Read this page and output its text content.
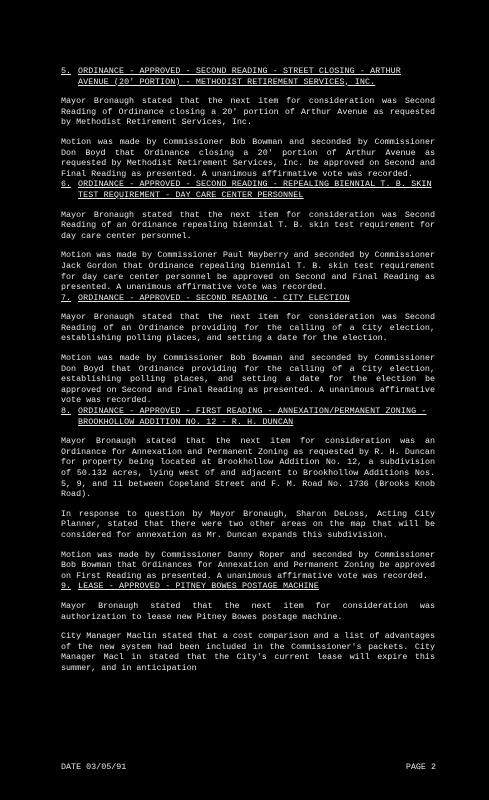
5. ORDINANCE - APPROVED - SECOND READING - STREET CLOSING - ARTHUR AVENUE (20' PORTION) - METHODIST RETIREMENT SERVICES, INC.
Mayor Bronaugh stated that the next item for consideration was Second Reading of Ordinance closing a 20' portion of Arthur Avenue as requested by Methodist Retirement Services, Inc.
Motion was made by Commissioner Bob Bowman and seconded by Commissioner Don Boyd that Ordinance closing a 20' portion of Arthur Avenue as requested by Methodist Retirement Services, Inc. be approved on Second and Final Reading as presented. A unanimous affirmative vote was recorded.
6. ORDINANCE - APPROVED - SECOND READING - REPEALING BIENNIAL T. B. SKIN TEST REQUIREMENT - DAY CARE CENTER PERSONNEL
Mayor Bronaugh stated that the next item for consideration was Second Reading of an Ordinance repealing biennial T. B. skin test requirement for day care center personnel.
Motion was made by Commissioner Paul Mayberry and seconded by Commissioner Jack Gordon that Ordinance repealing biennial T. B. skin test requirement for day care center personnel be approved on Second and Final Reading as presented. A unanimous affirmative vote was recorded.
7. ORDINANCE - APPROVED - SECOND READING - CITY ELECTION
Mayor Bronaugh stated that the next item for consideration was Second Reading of an Ordinance providing for the calling of a City election, establishing polling places, and setting a date for the election.
Motion was made by Commissioner Bob Bowman and seconded by Commissioner Don Boyd that Ordinance providing for the calling of a City election, establishing polling places, and setting a date for the election be approved on Second and Final Reading as presented. A unanimous affirmative vote was recorded.
8. ORDINANCE - APPROVED - FIRST READING - ANNEXATION/PERMANENT ZONING - BROOKHOLLOW ADDITION NO. 12 - R. H. DUNCAN
Mayor Bronaugh stated that the next item for consideration was an Ordinance for Annexation and Permanent Zoning as requested by R. H. Duncan for property being located at Brookhollow Addition No. 12, a subdivision of 50.132 acres, lying west of and adjacent to Brookhollow Additions Nos. 5, 9, and 11 between Copeland Street and F. M. Road No. 1736 (Brooks Knob Road).
In response to question by Mayor Bronaugh, Sharon DeLoss, Acting City Planner, stated that there were two other areas on the map that will be considered for annexation as Mr. Duncan expands this subdivision.
Motion was made by Commissioner Danny Roper and seconded by Commissioner Bob Bowman that Ordinances for Annexation and Permanent Zoning be approved on First Reading as presented. A unanimous affirmative vote was recorded.
9. LEASE - APPROVED - PITNEY BOWES POSTAGE MACHINE
Mayor Bronaugh stated that the next item for consideration was authorization to lease new Pitney Bowes postage machine.
City Manager Maclin stated that a cost comparison and a list of advantages of the new system had been included in the Commissioner's packets. City Manager Macl in stated that the City's current lease will expire this summer, and in anticipation
DATE 03/05/91	PAGE 2
